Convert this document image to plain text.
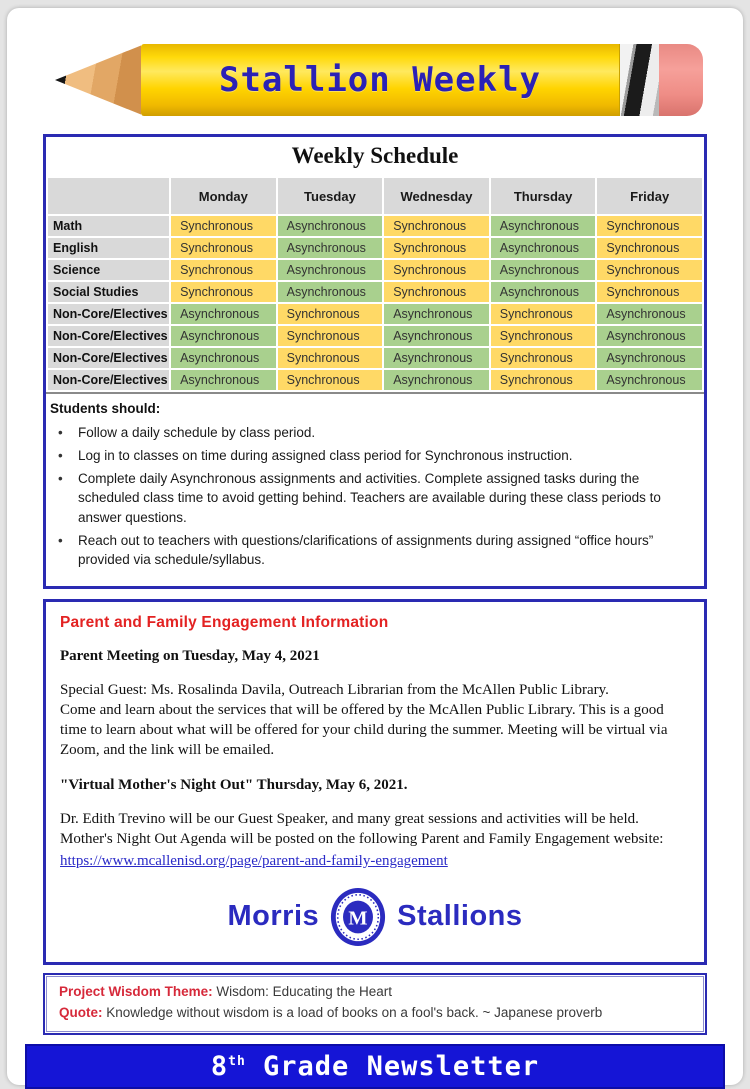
Stallion Weekly
Weekly Schedule
	Monday	Tuesday	Wednesday	Thursday	Friday
Math	Synchronous	Asynchronous	Synchronous	Asynchronous	Synchronous
English	Synchronous	Asynchronous	Synchronous	Asynchronous	Synchronous
Science	Synchronous	Asynchronous	Synchronous	Asynchronous	Synchronous
Social Studies	Synchronous	Asynchronous	Synchronous	Asynchronous	Synchronous
Non-Core/Electives	Asynchronous	Synchronous	Asynchronous	Synchronous	Asynchronous
Non-Core/Electives	Asynchronous	Synchronous	Asynchronous	Synchronous	Asynchronous
Non-Core/Electives	Asynchronous	Synchronous	Asynchronous	Synchronous	Asynchronous
Non-Core/Electives	Asynchronous	Synchronous	Asynchronous	Synchronous	Asynchronous
Students should:
• Follow a daily schedule by class period.
• Log in to classes on time during assigned class period for Synchronous instruction.
• Complete daily Asynchronous assignments and activities. Complete assigned tasks during the scheduled class time to avoid getting behind. Teachers are available during these class periods to answer questions.
• Reach out to teachers with questions/clarifications of assignments during assigned “office hours” provided via schedule/syllabus.
Parent and Family Engagement Information
Parent Meeting on Tuesday, May 4, 2021
Special Guest: Ms. Rosalinda Davila, Outreach Librarian from the McAllen Public Library.
Come and learn about the services that will be offered by the McAllen Public Library. This is a good time to learn about what will be offered for your child during the summer. Meeting will be virtual via Zoom, and the link will be emailed.
"Virtual Mother's Night Out" Thursday, May 6, 2021.
Dr. Edith Trevino will be our Guest Speaker, and many great sessions and activities will be held. Mother's Night Out Agenda will be posted on the following Parent and Family Engagement website:
https://www.mcallenisd.org/page/parent-and-family-engagement
Morris M Stallions
Project Wisdom Theme: Wisdom: Educating the Heart
Quote: Knowledge without wisdom is a load of books on a fool's back. ~ Japanese proverb
8th Grade Newsletter
